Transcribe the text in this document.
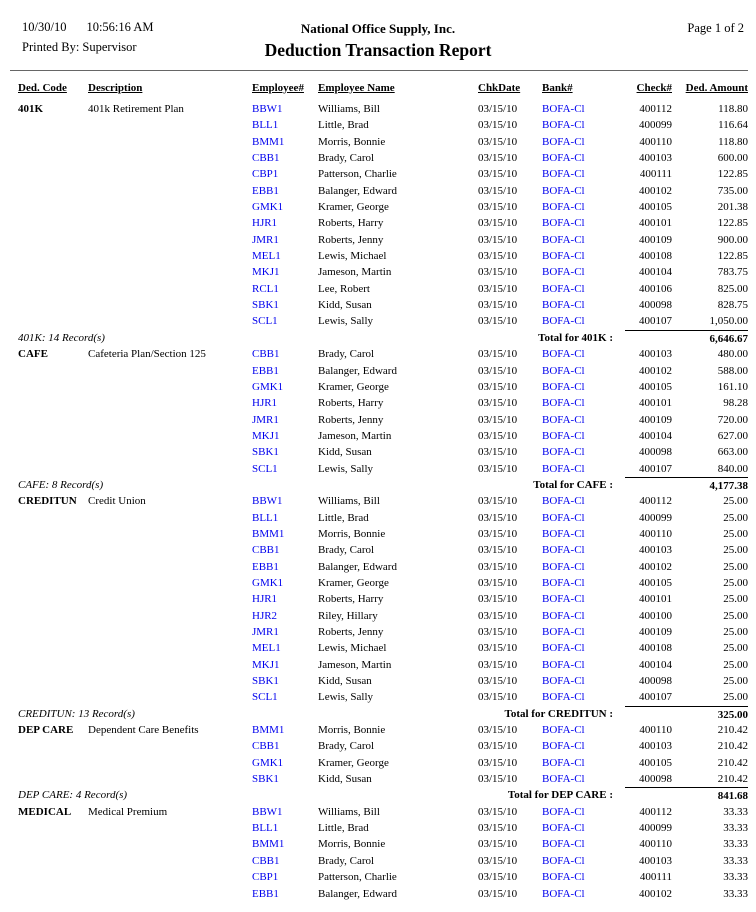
10/30/10 10:56:16 AM
Printed By: Supervisor
National Office Supply, Inc.
Deduction Transaction Report
Page 1 of 2
Ded. Code	Description	Employee#	Employee Name	ChkDate	Bank#	Check#	Ded. Amount
401K	401k Retirement Plan	BBW1	Williams, Bill	03/15/10	BOFA-Cl	400112	118.80
BLL1	Little, Brad	03/15/10	BOFA-Cl	400099	116.64
BMM1	Morris, Bonnie	03/15/10	BOFA-Cl	400110	118.80
CBB1	Brady, Carol	03/15/10	BOFA-Cl	400103	600.00
CBP1	Patterson, Charlie	03/15/10	BOFA-Cl	400111	122.85
EBB1	Balanger, Edward	03/15/10	BOFA-Cl	400102	735.00
GMK1	Kramer, George	03/15/10	BOFA-Cl	400105	201.38
HJR1	Roberts, Harry	03/15/10	BOFA-Cl	400101	122.85
JMR1	Roberts, Jenny	03/15/10	BOFA-Cl	400109	900.00
MEL1	Lewis, Michael	03/15/10	BOFA-Cl	400108	122.85
MKJ1	Jameson, Martin	03/15/10	BOFA-Cl	400104	783.75
RCL1	Lee, Robert	03/15/10	BOFA-Cl	400106	825.00
SBK1	Kidd, Susan	03/15/10	BOFA-Cl	400098	828.75
SCL1	Lewis, Sally	03/15/10	BOFA-Cl	400107	1,050.00
401K: 14 Record(s)	Total for 401K :	6,646.67
CAFE	Cafeteria Plan/Section 125	CBB1	Brady, Carol	03/15/10	BOFA-Cl	400103	480.00
EBB1	Balanger, Edward	03/15/10	BOFA-Cl	400102	588.00
GMK1	Kramer, George	03/15/10	BOFA-Cl	400105	161.10
HJR1	Roberts, Harry	03/15/10	BOFA-Cl	400101	98.28
JMR1	Roberts, Jenny	03/15/10	BOFA-Cl	400109	720.00
MKJ1	Jameson, Martin	03/15/10	BOFA-Cl	400104	627.00
SBK1	Kidd, Susan	03/15/10	BOFA-Cl	400098	663.00
SCL1	Lewis, Sally	03/15/10	BOFA-Cl	400107	840.00
CAFE: 8 Record(s)	Total for CAFE :	4,177.38
CREDITUN	Credit Union	BBW1	Williams, Bill	03/15/10	BOFA-Cl	400112	25.00
BLL1	Little, Brad	03/15/10	BOFA-Cl	400099	25.00
BMM1	Morris, Bonnie	03/15/10	BOFA-Cl	400110	25.00
CBB1	Brady, Carol	03/15/10	BOFA-Cl	400103	25.00
EBB1	Balanger, Edward	03/15/10	BOFA-Cl	400102	25.00
GMK1	Kramer, George	03/15/10	BOFA-Cl	400105	25.00
HJR1	Roberts, Harry	03/15/10	BOFA-Cl	400101	25.00
HJR2	Riley, Hillary	03/15/10	BOFA-Cl	400100	25.00
JMR1	Roberts, Jenny	03/15/10	BOFA-Cl	400109	25.00
MEL1	Lewis, Michael	03/15/10	BOFA-Cl	400108	25.00
MKJ1	Jameson, Martin	03/15/10	BOFA-Cl	400104	25.00
SBK1	Kidd, Susan	03/15/10	BOFA-Cl	400098	25.00
SCL1	Lewis, Sally	03/15/10	BOFA-Cl	400107	25.00
CREDITUN: 13 Record(s)	Total for CREDITUN :	325.00
DEP CARE	Dependent Care Benefits	BMM1	Morris, Bonnie	03/15/10	BOFA-Cl	400110	210.42
CBB1	Brady, Carol	03/15/10	BOFA-Cl	400103	210.42
GMK1	Kramer, George	03/15/10	BOFA-Cl	400105	210.42
SBK1	Kidd, Susan	03/15/10	BOFA-Cl	400098	210.42
DEP CARE: 4 Record(s)	Total for DEP CARE :	841.68
MEDICAL	Medical Premium	BBW1	Williams, Bill	03/15/10	BOFA-Cl	400112	33.33
BLL1	Little, Brad	03/15/10	BOFA-Cl	400099	33.33
BMM1	Morris, Bonnie	03/15/10	BOFA-Cl	400110	33.33
CBB1	Brady, Carol	03/15/10	BOFA-Cl	400103	33.33
CBP1	Patterson, Charlie	03/15/10	BOFA-Cl	400111	33.33
EBB1	Balanger, Edward	03/15/10	BOFA-Cl	400102	33.33
